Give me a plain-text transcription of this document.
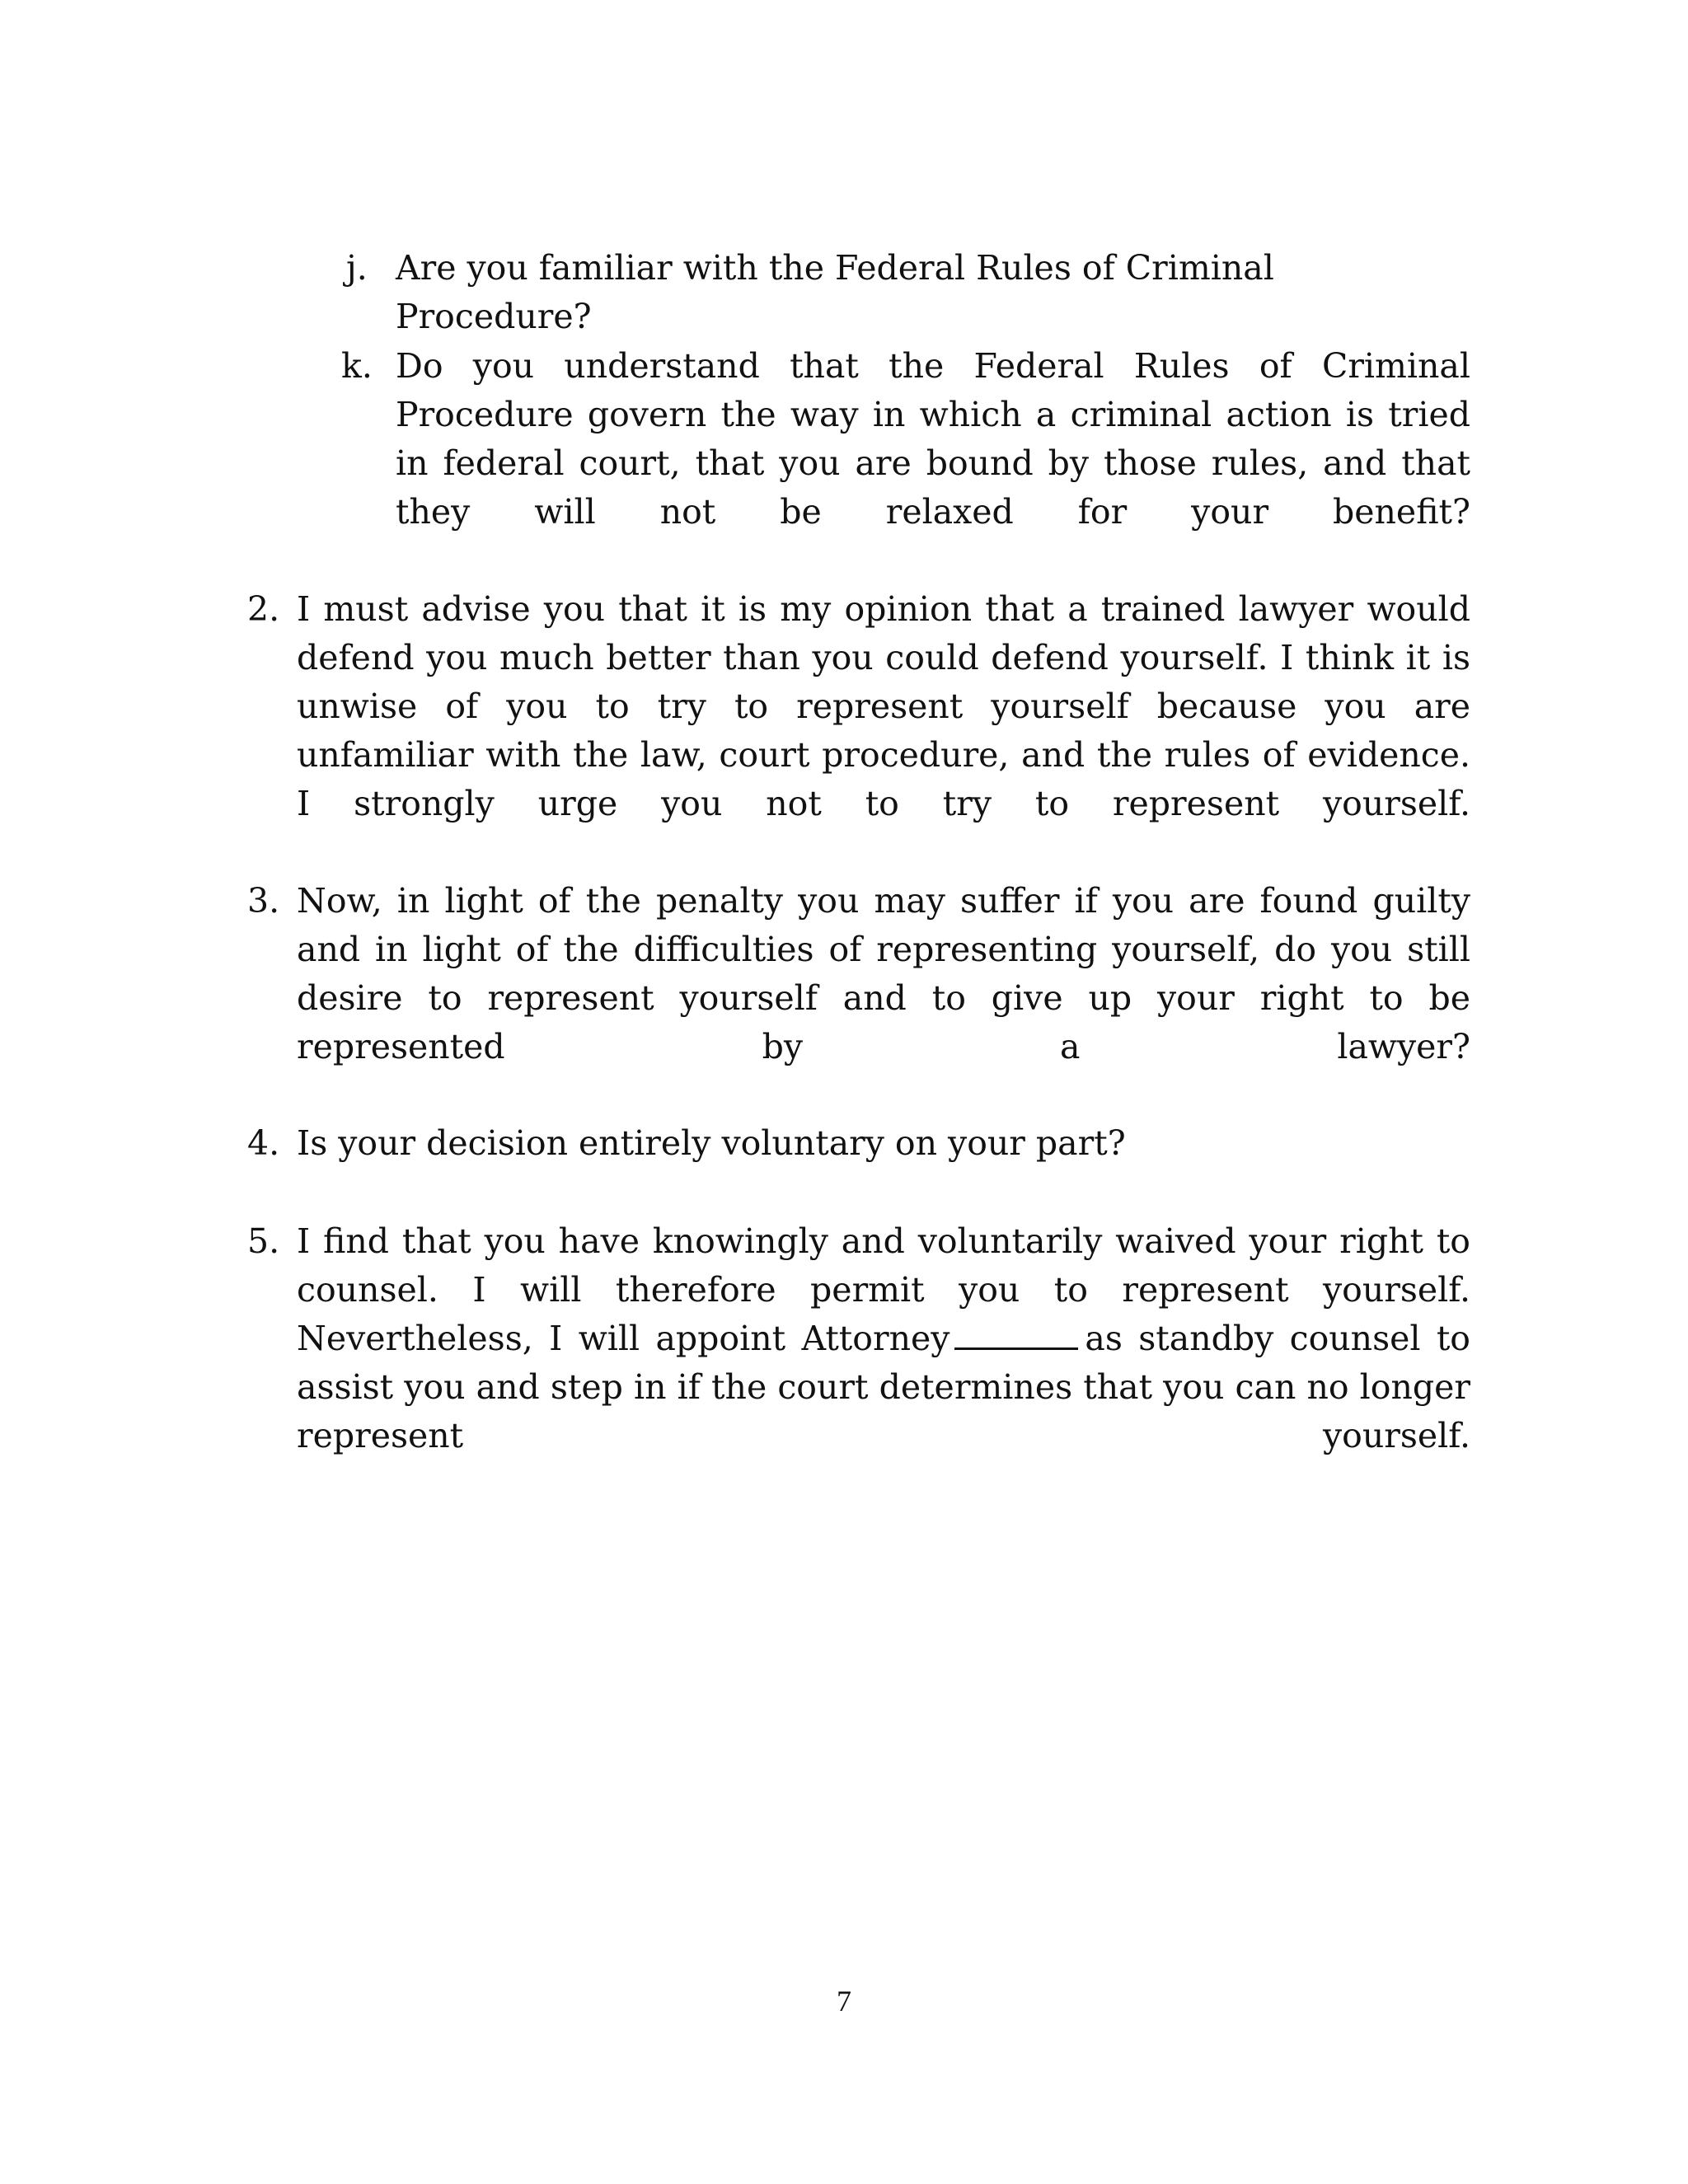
j. Are you familiar with the Federal Rules of Criminal Procedure?
k. Do you understand that the Federal Rules of Criminal Procedure govern the way in which a criminal action is tried in federal court, that you are bound by those rules, and that they will not be relaxed for your benefit?
2. I must advise you that it is my opinion that a trained lawyer would defend you much better than you could defend yourself. I think it is unwise of you to try to represent yourself because you are unfamiliar with the law, court procedure, and the rules of evidence. I strongly urge you not to try to represent yourself.
3. Now, in light of the penalty you may suffer if you are found guilty and in light of the difficulties of representing yourself, do you still desire to represent yourself and to give up your right to be represented by a lawyer?
4. Is your decision entirely voluntary on your part?
5. I find that you have knowingly and voluntarily waived your right to counsel. I will therefore permit you to represent yourself. Nevertheless, I will appoint Attorney	as standby counsel to assist you and step in if the court determines that you can no longer represent yourself.
7
